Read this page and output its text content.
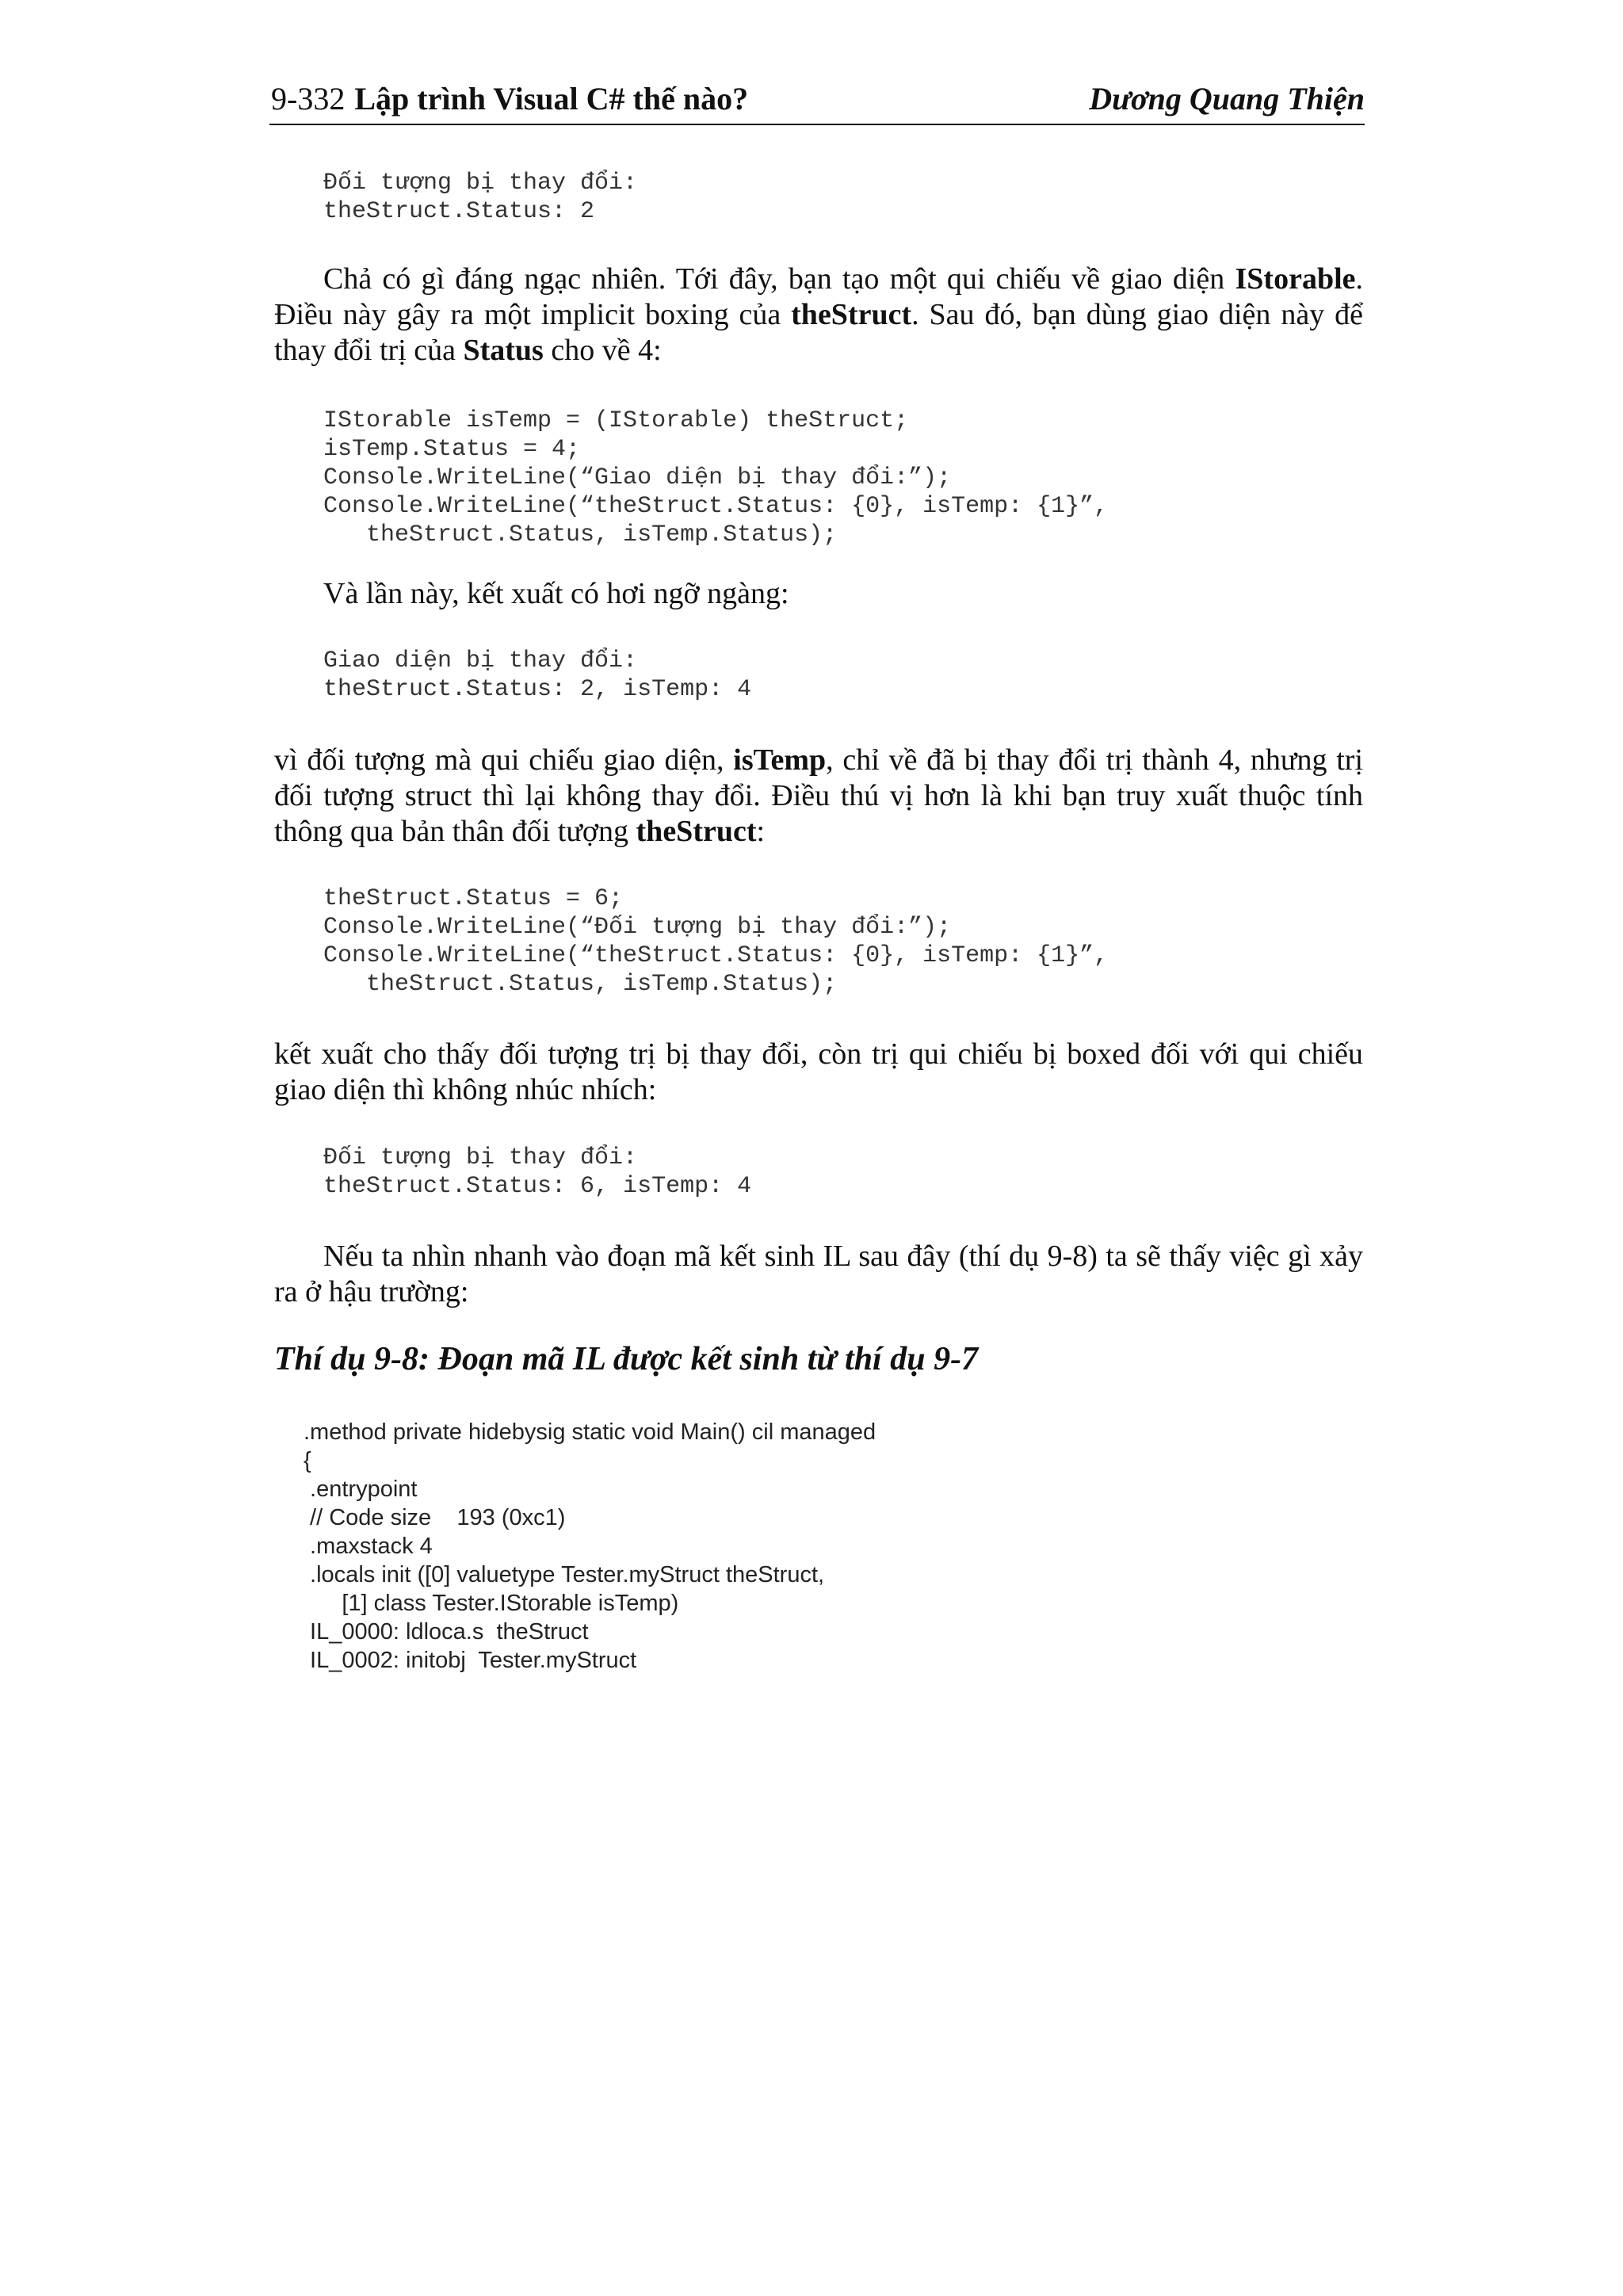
9-332 Lập trình Visual C# thế nào?	Dương Quang Thiện
Đối tượng bị thay đổi:
theStruct.Status: 2

Chả có gì đáng ngạc nhiên. Tới đây, bạn tạo một qui chiếu về giao diện IStorable. Điều này gây ra một implicit boxing của theStruct. Sau đó, bạn dùng giao diện này để thay đổi trị của Status cho về 4:

IStorable isTemp = (IStorable) theStruct;
isTemp.Status = 4;
Console.WriteLine(“Giao diện bị thay đổi:”);
Console.WriteLine(“theStruct.Status: {0}, isTemp: {1}”,
theStruct.Status, isTemp.Status);

Và lần này, kết xuất có hơi ngỡ ngàng:

Giao diện bị thay đổi:
theStruct.Status: 2, isTemp: 4

vì đối tượng mà qui chiếu giao diện, isTemp, chỉ về đã bị thay đổi trị thành 4, nhưng trị đối tượng struct thì lại không thay đổi. Điều thú vị hơn là khi bạn truy xuất thuộc tính thông qua bản thân đối tượng theStruct:

theStruct.Status = 6;
Console.WriteLine(“Đối tượng bị thay đổi:”);
Console.WriteLine(“theStruct.Status: {0}, isTemp: {1}”,
theStruct.Status, isTemp.Status);

kết xuất cho thấy đối tượng trị bị thay đổi, còn trị qui chiếu bị boxed đối với qui chiếu giao diện thì không nhúc nhích:

Đối tượng bị thay đổi:
theStruct.Status: 6, isTemp: 4

Nếu ta nhìn nhanh vào đoạn mã kết sinh IL sau đây (thí dụ 9-8) ta sẽ thấy việc gì xảy ra ở hậu trường:

Thí dụ 9-8: Đoạn mã IL được kết sinh từ thí dụ 9-7
.method private hidebysig static void Main() cil managed
{
.entrypoint
// Code size    193 (0xc1)
.maxstack 4
.locals init ([0] valuetype Tester.myStruct theStruct,
[1] class Tester.IStorable isTemp)
IL_0000: ldloca.s  theStruct
IL_0002: initobj  Tester.myStruct
